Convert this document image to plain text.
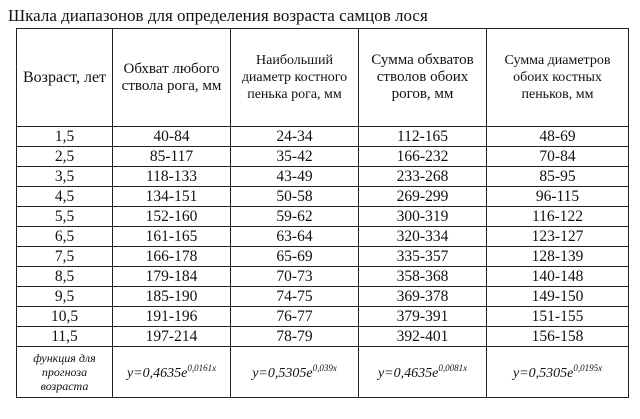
Шкала диапазонов для определения возраста самцов лося
Возраст, лет	Обхват любого ствола рога, мм	Наибольший диаметр костного пенька рога, мм	Сумма обхватов стволов обоих рогов, мм	Сумма диаметров обоих костных пеньков, мм
1,5	40-84	24-34	112-165	48-69
2,5	85-117	35-42	166-232	70-84
3,5	118-133	43-49	233-268	85-95
4,5	134-151	50-58	269-299	96-115
5,5	152-160	59-62	300-319	116-122
6,5	161-165	63-64	320-334	123-127
7,5	166-178	65-69	335-357	128-139
8,5	179-184	70-73	358-368	140-148
9,5	185-190	74-75	369-378	149-150
10,5	191-196	76-77	379-391	151-155
11,5	197-214	78-79	392-401	156-158
функция для прогноза возраста	$y=0,4635e^{0,0161x}$	$y=0,5305e^{0,039x}$	$y=0,4635e^{0,0081x}$	$y=0,5305e^{0,0195x}$
